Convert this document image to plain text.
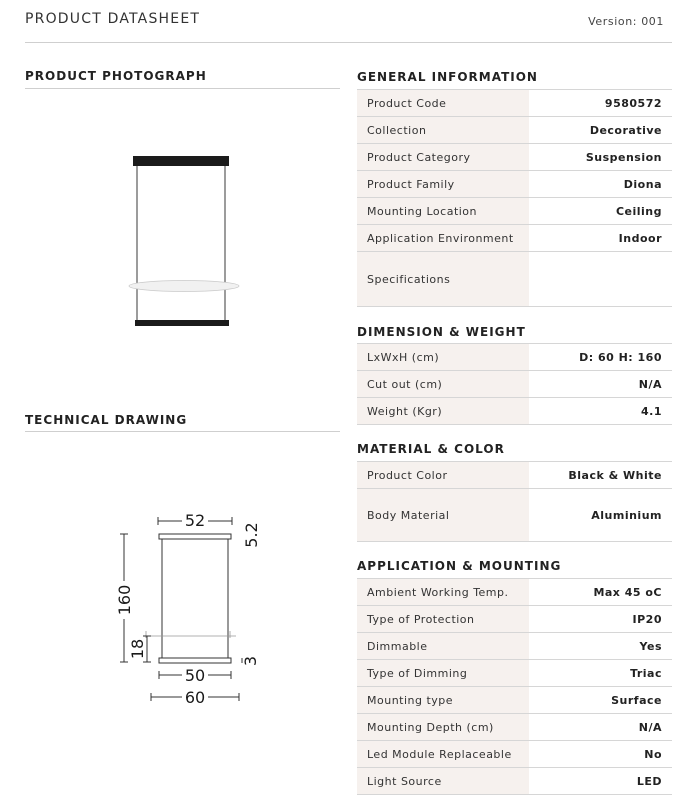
PRODUCT DATASHEET	Version: 001
PRODUCT PHOTOGRAPH
TECHNICAL DRAWING
52
5.2
160
18
3
50
60
GENERAL INFORMATION
Product Code	9580572
Collection	Decorative
Product Category	Suspension
Product Family	Diona
Mounting Location	Ceiling
Application Environment	Indoor
Specifications	
DIMENSION & WEIGHT
LxWxH (cm)	D: 60 H: 160
Cut out (cm)	N/A
Weight (Kgr)	4.1
MATERIAL & COLOR
Product Color	Black & White
Body Material	Aluminium
APPLICATION & MOUNTING
Ambient Working Temp.	Max 45 oC
Type of Protection	IP20
Dimmable	Yes
Type of Dimming	Triac
Mounting type	Surface
Mounting Depth (cm)	N/A
Led Module Replaceable	No
Light Source	LED
